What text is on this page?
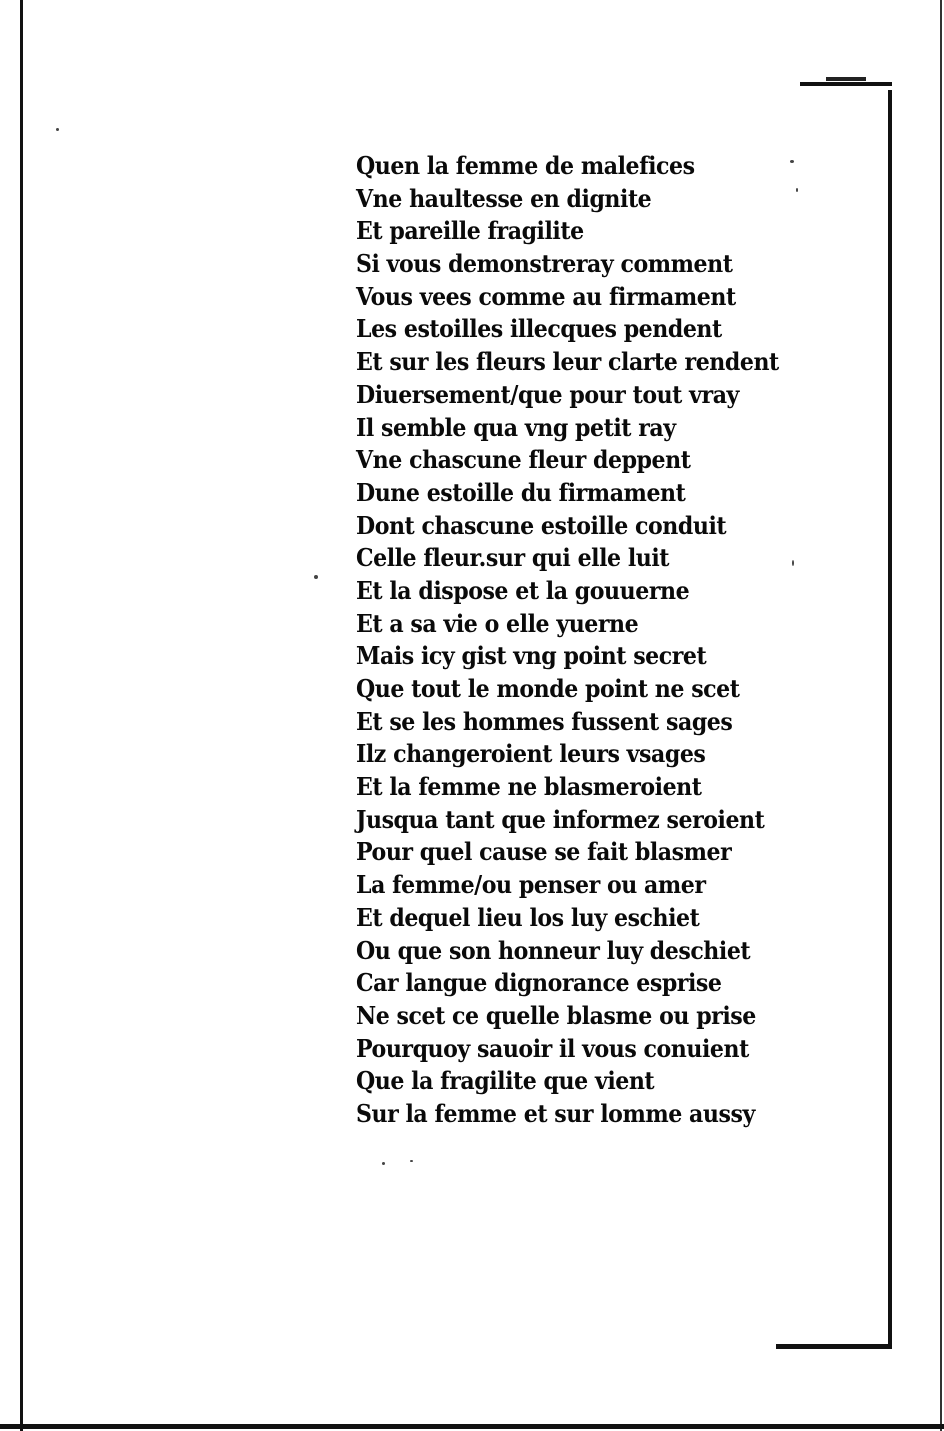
Quen la femme de malefices
Vne haultesse en dignite
Et pareille fragilite
Si vous demonstreray comment
Vous vees comme au firmament
Les estoilles illecques pendent
Et sur les fleurs leur clarte rendent
Diuersement/que pour tout vray
Il semble qua vng petit ray
Vne chascune fleur deppent
Dune estoille du firmament
Dont chascune estoille conduit
Celle fleur.sur qui elle luit
Et la dispose et la gouuerne
Et a sa vie o elle yuerne
Mais icy gist vng point secret
Que tout le monde point ne scet
Et se les hommes fussent sages
Ilz changeroient leurs vsages
Et la femme ne blasmeroient
Jusqua tant que informez seroient
Pour quel cause se fait blasmer
La femme/ou penser ou amer
Et dequel lieu los luy eschiet
Ou que son honneur luy deschiet
Car langue dignorance esprise
Ne scet ce quelle blasme ou prise
Pourquoy sauoir il vous conuient
Que la fragilite que vient
Sur la femme et sur lomme aussy
